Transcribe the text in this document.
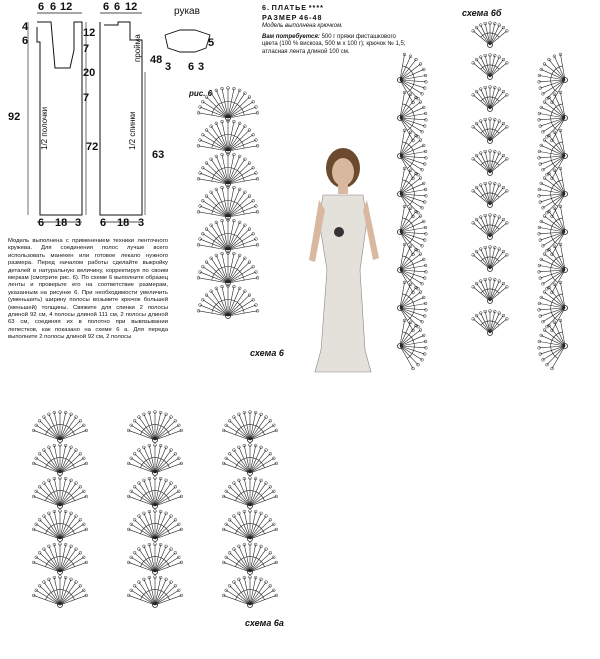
6 6 12	6 6 12
4
6
12
7
20
7
92
72
63
1/2 полочки	1/2 спинки
пройма
6 18 3 6 18 3
рукав
3 6 3
5
48
рис. 6
6. ПЛАТЬЕ ****
РАЗМЕР 46-48
Модель выполнена крючком.
Вам потребуется: 500 г пряжи фисташкового цвета (100 % вискоза, 500 м х 100 г); крючок № 1,5; атласная лента длиной 100 см.

Модель выполнена с применением техники ленточного кружева. Для соединения полос лучше всего использовать манекен или готовое лекало нужного размера. Перед началом работы сделайте выкройку деталей в натуральную величину, корректируя по своим меркам (смотрите рис. 6). По схеме 6 выполните образец ленты и проверьте его на соответствие размерам, указанным на рисунке 6. При необходимости увеличить (уменьшить) ширину полосы возьмите крючок большей (меньшей) толщины. Свяжите для спинки 2 полосы длиной 92 см, 4 полосы длиной 111 см, 2 полосы длиной 63 см, соединяя их в полотно при вывязывании лепестков, как показано на схеме 6 а. Для переда выполните 2 полосы длиной 92 см, 2 полосы

схема 6
схема 6а
схема 6б
